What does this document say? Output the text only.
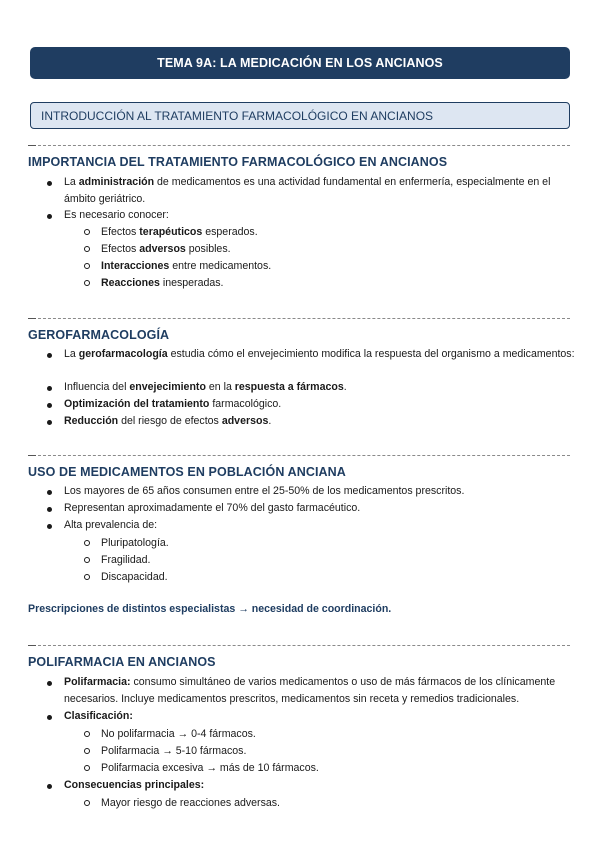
TEMA 9A: LA MEDICACIÓN EN LOS ANCIANOS
INTRODUCCIÓN AL TRATAMIENTO FARMACOLÓGICO EN ANCIANOS
IMPORTANCIA DEL TRATAMIENTO FARMACOLÓGICO EN ANCIANOS
La administración de medicamentos es una actividad fundamental en enfermería, especialmente en el ámbito geriátrico.
Es necesario conocer:
Efectos terapéuticos esperados.
Efectos adversos posibles.
Interacciones entre medicamentos.
Reacciones inesperadas.
GEROFARMACOLOGÍA
La gerofarmacología estudia cómo el envejecimiento modifica la respuesta del organismo a medicamentos:
Influencia del envejecimiento en la respuesta a fármacos.
Optimización del tratamiento farmacológico.
Reducción del riesgo de efectos adversos.
USO DE MEDICAMENTOS EN POBLACIÓN ANCIANA
Los mayores de 65 años consumen entre el 25-50% de los medicamentos prescritos.
Representan aproximadamente el 70% del gasto farmacéutico.
Alta prevalencia de:
Pluripatología.
Fragilidad.
Discapacidad.
Prescripciones de distintos especialistas → necesidad de coordinación.
POLIFARMACIA EN ANCIANOS
Polifarmacia: consumo simultáneo de varios medicamentos o uso de más fármacos de los clínicamente necesarios. Incluye medicamentos prescritos, medicamentos sin receta y remedios tradicionales.
Clasificación:
No polifarmacia → 0-4 fármacos.
Polifarmacia → 5-10 fármacos.
Polifarmacia excesiva → más de 10 fármacos.
Consecuencias principales:
Mayor riesgo de reacciones adversas.
